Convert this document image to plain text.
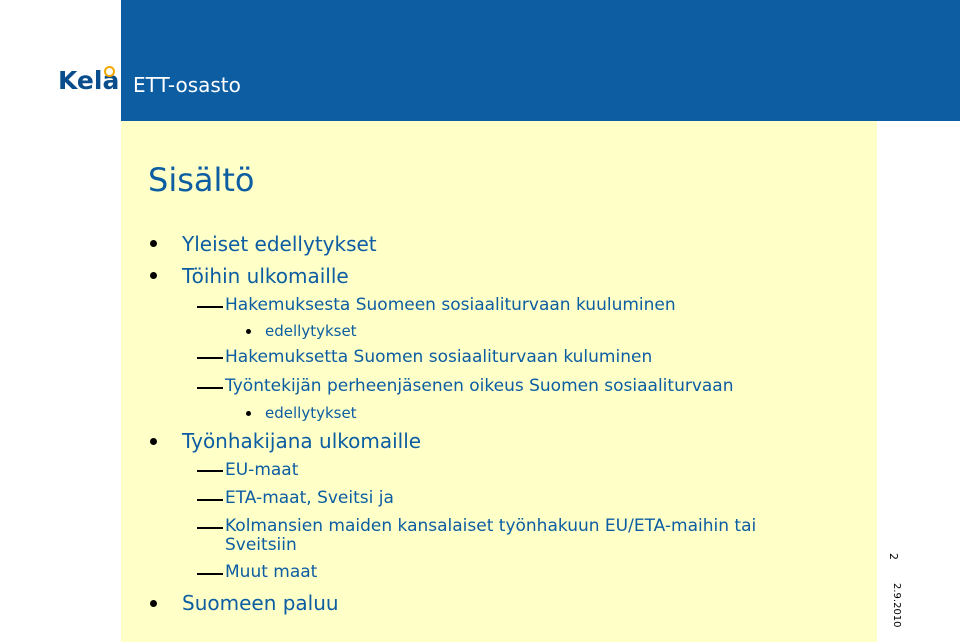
Kela ETT-osasto
Sisältö
Yleiset edellytykset
Töihin ulkomaille
Hakemuksesta Suomeen sosiaaliturvaan kuuluminen
edellytykset
Hakemuksetta Suomen sosiaaliturvaan kuluminen
Työntekijän perheenjäsenen oikeus Suomen sosiaaliturvaan
edellytykset
Työnhakijana ulkomaille
EU-maat
ETA-maat, Sveitsi ja
Kolmansien maiden kansalaiset työnhakuun EU/ETA-maihin tai
Sveitsiin
Muut maat
Suomeen paluu
2
2.9.2010
